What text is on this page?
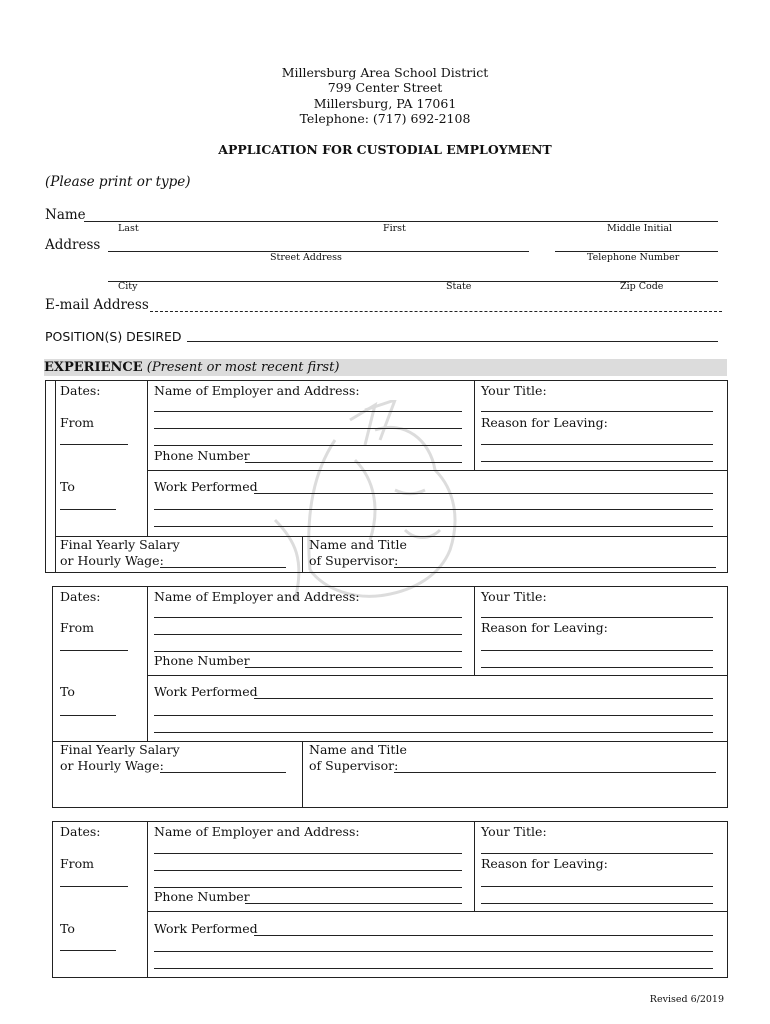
Millersburg Area School District
799 Center Street
Millersburg, PA 17061
Telephone: (717) 692-2108
APPLICATION FOR CUSTODIAL EMPLOYMENT
(Please print or type)
Name
Last	First	Middle Initial
Address
Street Address	Telephone Number
City	State	Zip Code
E-mail Address
POSITION(S) DESIRED
EXPERIENCE (Present or most recent first)
Dates:
From
To
Name of Employer and Address:
Phone Number
Your Title:
Reason for Leaving:
Work Performed
Final Yearly Salary
or Hourly Wage:
Name and Title
of Supervisor:
Dates:
From
To
Name of Employer and Address:
Phone Number
Your Title:
Reason for Leaving:
Work Performed
Final Yearly Salary
or Hourly Wage:
Name and Title
of Supervisor:
Dates:
From
To
Name of Employer and Address:
Phone Number
Your Title:
Reason for Leaving:
Work Performed
Revised 6/2019
